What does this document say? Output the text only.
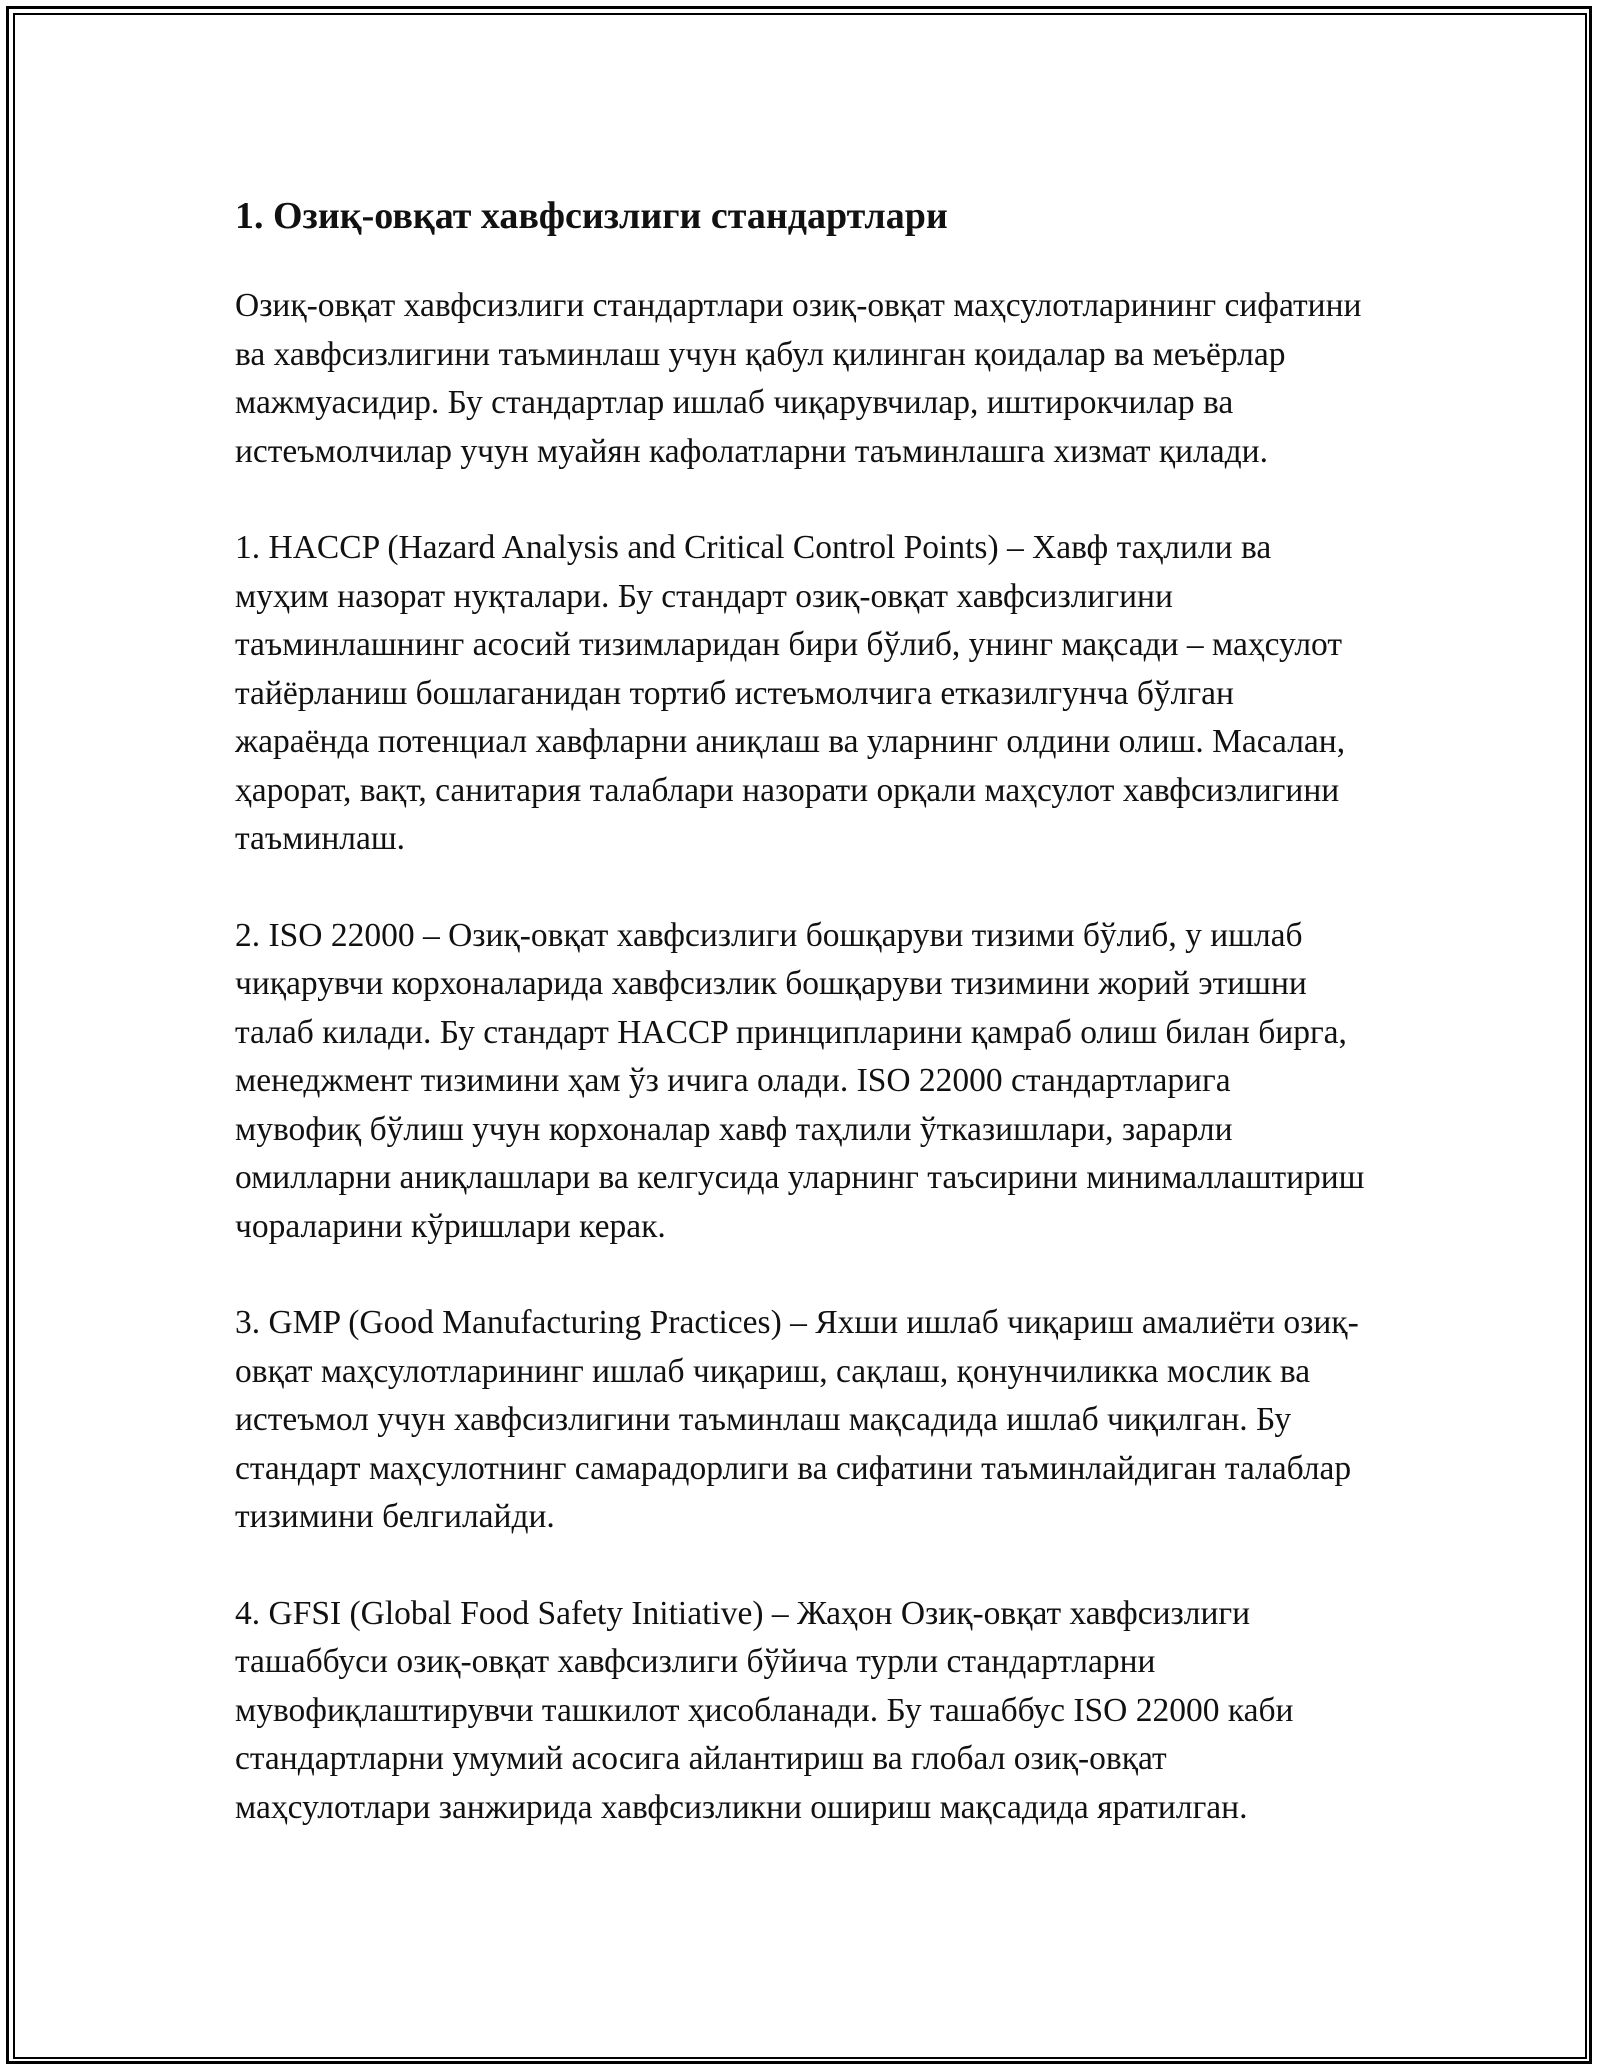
1. Озиқ-овқат хавфсизлиги стандартлари

Озиқ-овқат хавфсизлиги стандартлари озиқ-овқат маҳсулотларининг сифатини ва хавфсизлигини таъминлаш учун қабул қилинган қоидалар ва меъёрлар мажмуасидир. Бу стандартлар ишлаб чиқарувчилар, иштирокчилар ва истеъмолчилар учун муайян кафолатларни таъминлашга хизмат қилади.

1. HACCP (Hazard Analysis and Critical Control Points) – Хавф таҳлили ва муҳим назорат нуқталари. Бу стандарт озиқ-овқат хавфсизлигини таъминлашнинг асосий тизимларидан бири бўлиб, унинг мақсади – маҳсулот тайёрланиш бошлаганидан тортиб истеъмолчига етказилгунча бўлган жараёнда потенциал хавфларни аниқлаш ва уларнинг олдини олиш. Масалан, ҳарорат, вақт, санитария талаблари назорати орқали маҳсулот хавфсизлигини таъминлаш.

2. ISO 22000 – Озиқ-овқат хавфсизлиги бошқаруви тизими бўлиб, у ишлаб чиқарувчи корхоналарида хавфсизлик бошқаруви тизимини жорий этишни талаб килади. Бу стандарт HACCP принципларини қамраб олиш билан бирга, менеджмент тизимини ҳам ўз ичига олади. ISO 22000 стандартларига мувофиқ бўлиш учун корхоналар хавф таҳлили ўтказишлари, зарарли омилларни аниқлашлари ва келгусида уларнинг таъсирини минималлаштириш чораларини кўришлари керак.

3. GMP (Good Manufacturing Practices) – Яхши ишлаб чиқариш амалиёти озиқ-овқат маҳсулотларининг ишлаб чиқариш, сақлаш, қонунчиликка мослик ва истеъмол учун хавфсизлигини таъминлаш мақсадида ишлаб чиқилган. Бу стандарт маҳсулотнинг самарадорлиги ва сифатини таъминлайдиган талаблар тизимини белгилайди.

4. GFSI (Global Food Safety Initiative) – Жаҳон Озиқ-овқат хавфсизлиги ташаббуси озиқ-овқат хавфсизлиги бўйича турли стандартларни мувофиқлаштирувчи ташкилот ҳисобланади. Бу ташаббус ISO 22000 каби стандартларни умумий асосига айлантириш ва глобал озиқ-овқат маҳсулотлари занжирида хавфсизликни ошириш мақсадида яратилган.
